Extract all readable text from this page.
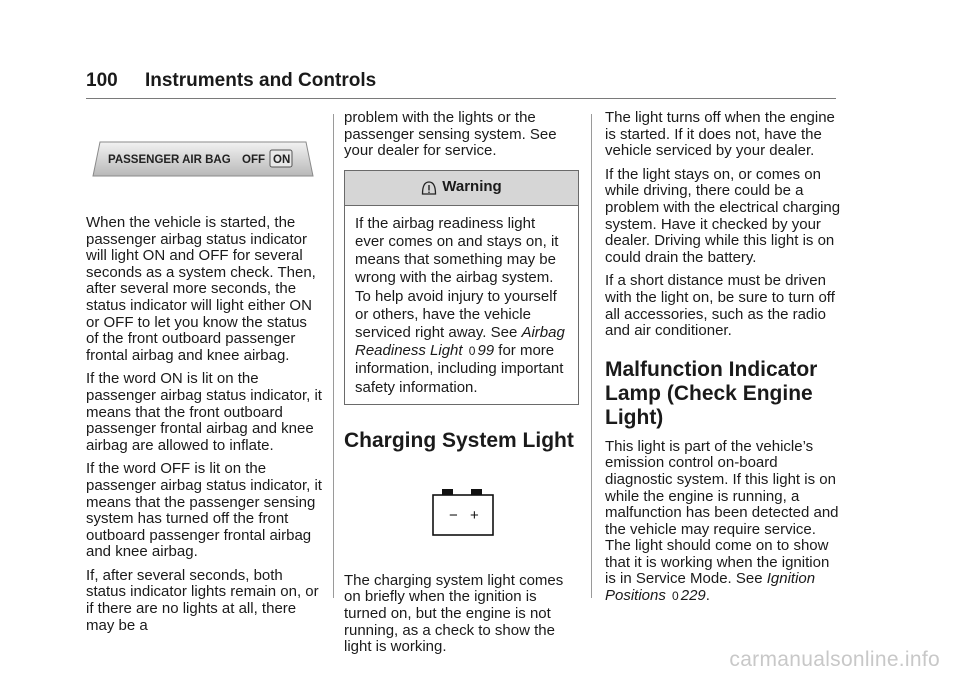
100 Instruments and Controls
PASSENGER AIR BAG OFF ON

When the vehicle is started, the passenger airbag status indicator will light ON and OFF for several seconds as a system check. Then, after several more seconds, the status indicator will light either ON or OFF to let you know the status of the front outboard passenger frontal airbag and knee airbag.

If the word ON is lit on the passenger airbag status indicator, it means that the front outboard passenger frontal airbag and knee airbag are allowed to inflate.

If the word OFF is lit on the passenger airbag status indicator, it means that the passenger sensing system has turned off the front outboard passenger frontal airbag and knee airbag.

If, after several seconds, both status indicator lights remain on, or if there are no lights at all, there may be a

problem with the lights or the passenger sensing system. See your dealer for service.

Warning
If the airbag readiness light ever comes on and stays on, it means that something may be wrong with the airbag system. To help avoid injury to yourself or others, have the vehicle serviced right away. See Airbag Readiness Light 0 99 for more information, including important safety information.
Charging System Light
− +

The charging system light comes on briefly when the ignition is turned on, but the engine is not running, as a check to show the light is working.

The light turns off when the engine is started. If it does not, have the vehicle serviced by your dealer.

If the light stays on, or comes on while driving, there could be a problem with the electrical charging system. Have it checked by your dealer. Driving while this light is on could drain the battery.

If a short distance must be driven with the light on, be sure to turn off all accessories, such as the radio and air conditioner.

Malfunction Indicator Lamp (Check Engine Light)

This light is part of the vehicle’s emission control on-board diagnostic system. If this light is on while the engine is running, a malfunction has been detected and the vehicle may require service. The light should come on to show that it is working when the ignition is in Service Mode. See Ignition Positions 0 229.

carmanualsonline.info
